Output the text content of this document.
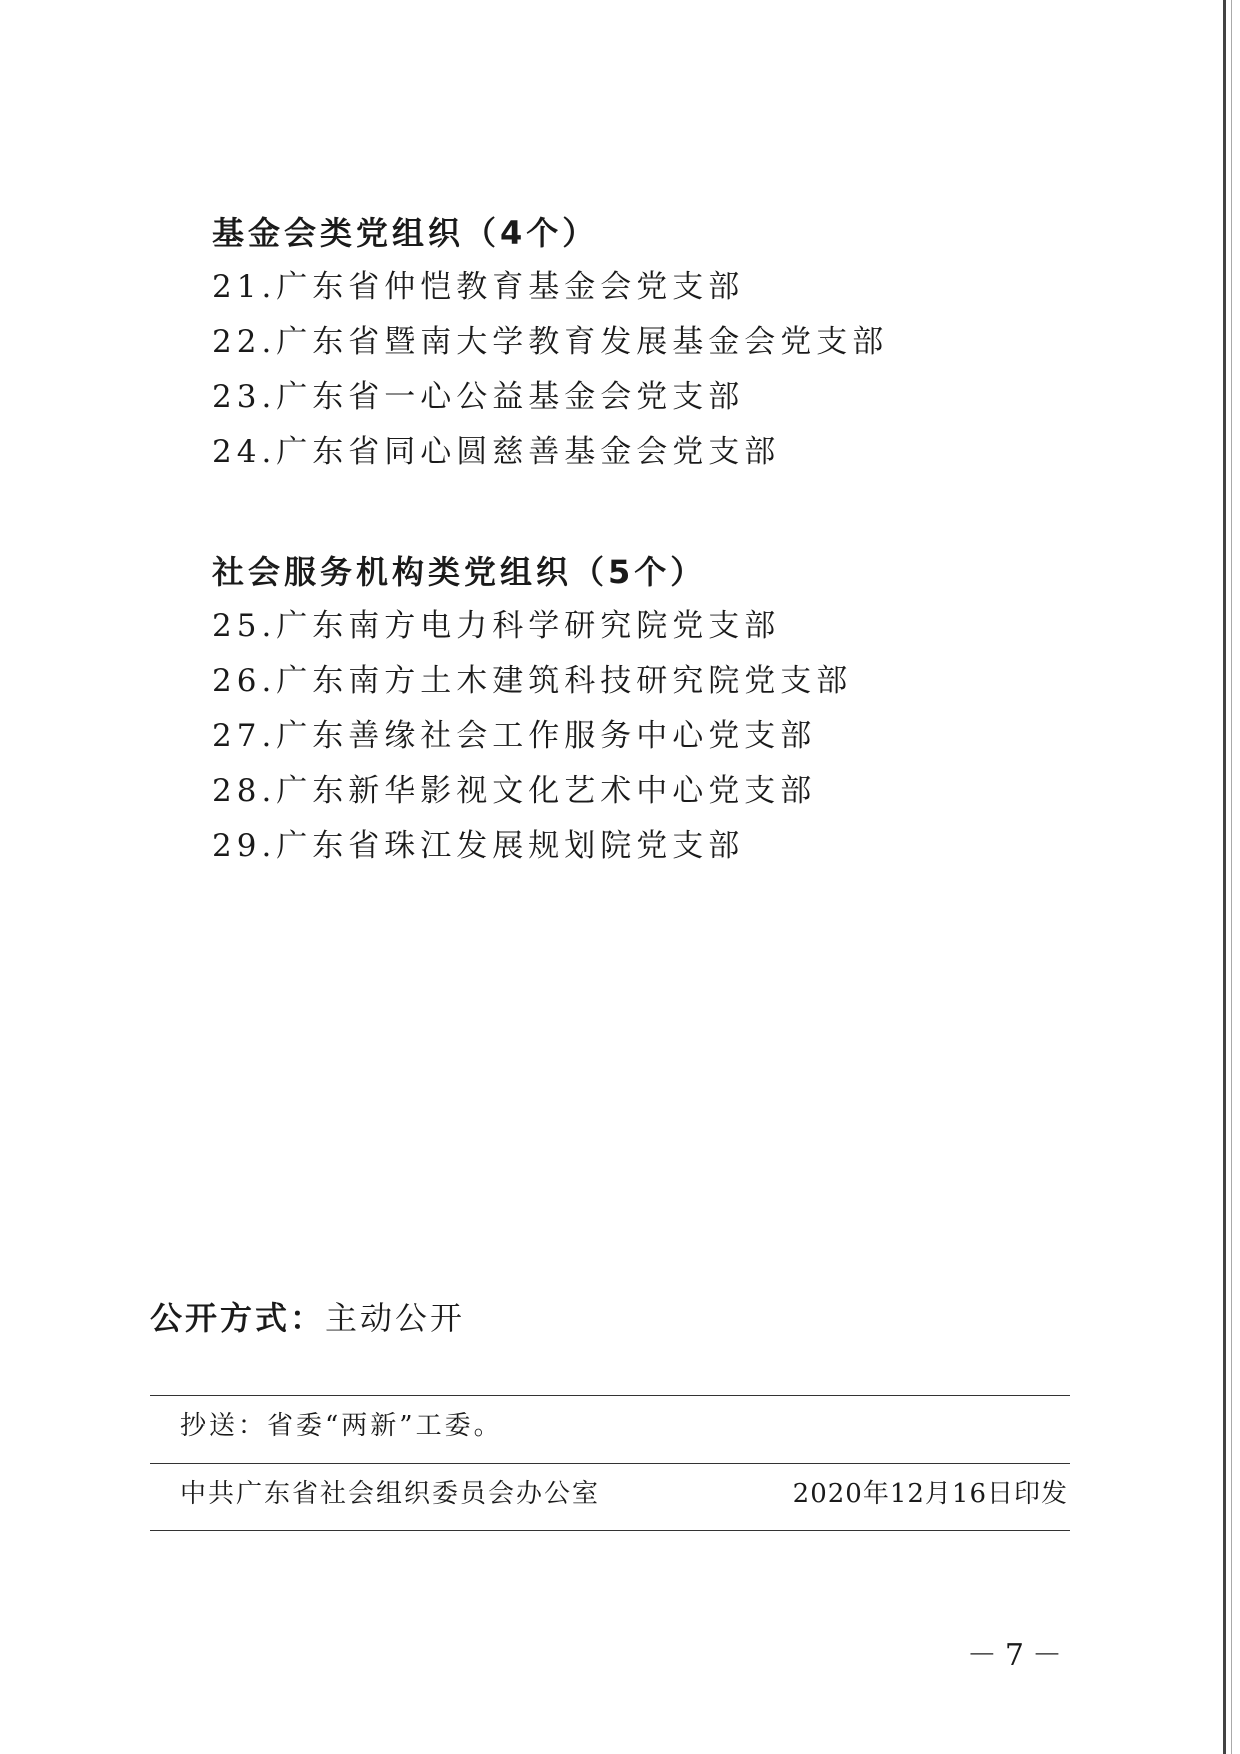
基金会类党组织（4个）
21.广东省仲恺教育基金会党支部
22.广东省暨南大学教育发展基金会党支部
23.广东省一心公益基金会党支部
24.广东省同心圆慈善基金会党支部
社会服务机构类党组织（5个）
25.广东南方电力科学研究院党支部
26.广东南方土木建筑科技研究院党支部
27.广东善缘社会工作服务中心党支部
28.广东新华影视文化艺术中心党支部
29.广东省珠江发展规划院党支部
公开方式：主动公开
抄送：省委“两新”工委。
中共广东省社会组织委员会办公室	2020年12月16日印发
－7－
